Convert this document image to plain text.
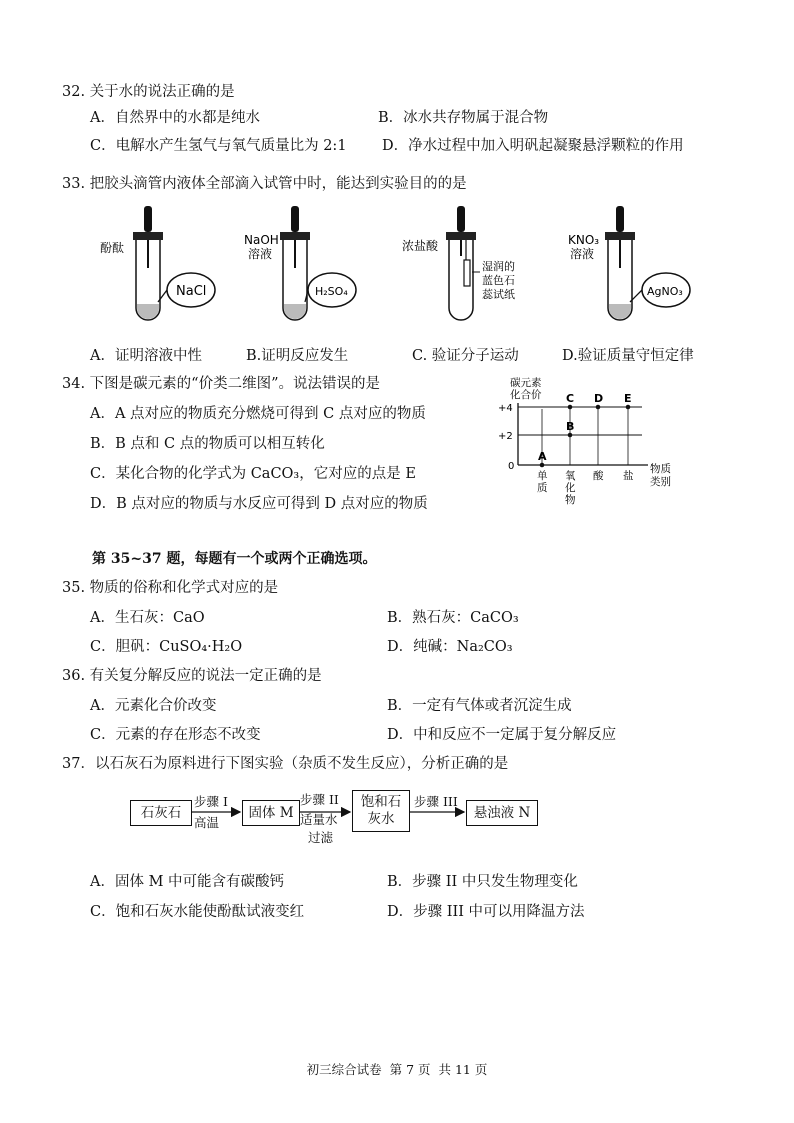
32. 关于水的说法正确的是
A．自然界中的水都是纯水	B．冰水共存物属于混合物
C．电解水产生氢气与氧气质量比为 2:1 D．净水过程中加入明矾起凝聚悬浮颗粒的作用
33. 把胶头滴管内液体全部滴入试管中时，能达到实验目的的是
酚酞
NaCl
NaOH
溶液
H₂SO₄
浓盐酸
湿润的
蓝色石
蕊试纸
KNO₃
溶液
AgNO₃
A．证明溶液中性	B.证明反应发生	C. 验证分子运动	D.验证质量守恒定律
34. 下图是碳元素的“价类二维图”。说法错误的是
A．A 点对应的物质充分燃烧可得到 C 点对应的物质
B．B 点和 C 点的物质可以相互转化
C．某化合物的化学式为 CaCO₃，它对应的点是 E
D．B 点对应的物质与水反应可得到 D 点对应的物质
碳元素
化合价
物质
类别
+4
+2
0
单
质
氧
化
物
酸 盐
A
B
C D E
第 35~37 题，每题有一个或两个正确选项。
35. 物质的俗称和化学式对应的是
A．生石灰：CaO	B．熟石灰：CaCO₃
C．胆矾：CuSO₄·H₂O	D．纯碱：Na₂CO₃
36. 有关复分解反应的说法一定正确的是
A．元素化合价改变	B．一定有气体或者沉淀生成
C．元素的存在形态不改变	D．中和反应不一定属于复分解反应
37．以石灰石为原料进行下图实验（杂质不发生反应），分析正确的是
石灰石
步骤 I
高温
固体 M
步骤 II
适量水
过滤
饱和石
灰水
步骤 III
悬浊液 N
A．固体 M 中可能含有碳酸钙	B．步骤 II 中只发生物理变化
C．饱和石灰水能使酚酞试液变红	D．步骤 III 中可以用降温方法
初三综合试卷  第 7 页  共 11 页
